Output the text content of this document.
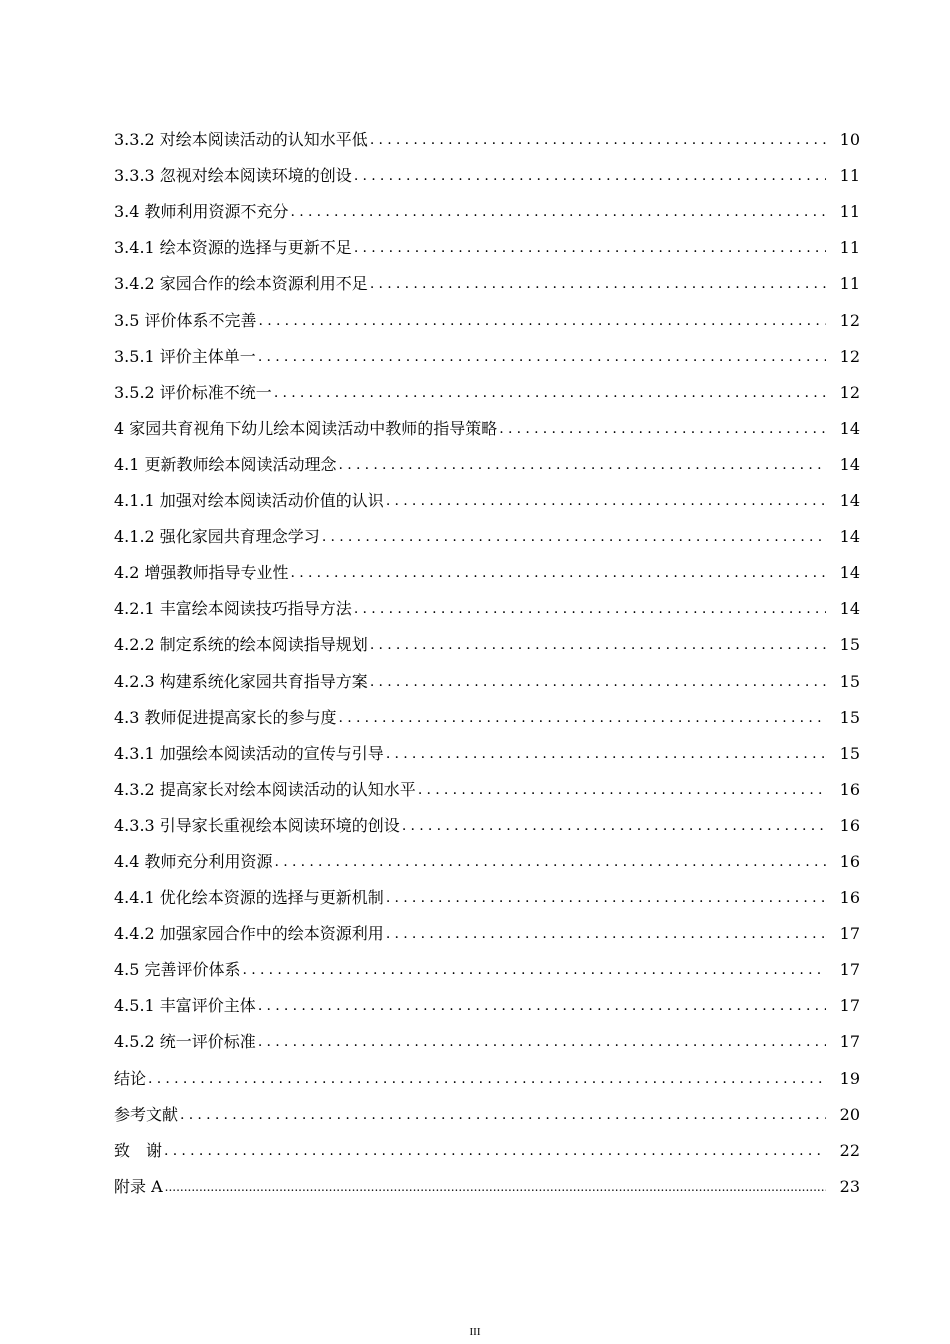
3.3.2 对绘本阅读活动的认知水平低 . . .	10
3.3.3 忽视对绘本阅读环境的创设 . . .	11
3.4 教师利用资源不充分 . . .	11
3.4.1 绘本资源的选择与更新不足 . . .	11
3.4.2 家园合作的绘本资源利用不足 . . .	11
3.5 评价体系不完善 . . .	12
3.5.1 评价主体单一 . . .	12
3.5.2 评价标准不统一 . . .	12
4 家园共育视角下幼儿绘本阅读活动中教师的指导策略 . . .	14
4.1 更新教师绘本阅读活动理念 . . .	14
4.1.1 加强对绘本阅读活动价值的认识 . . .	14
4.1.2 强化家园共育理念学习 . . .	14
4.2 增强教师指导专业性 . . .	14
4.2.1 丰富绘本阅读技巧指导方法 . . .	14
4.2.2 制定系统的绘本阅读指导规划 . . .	15
4.2.3 构建系统化家园共育指导方案 . . .	15
4.3 教师促进提高家长的参与度 . . .	15
4.3.1 加强绘本阅读活动的宣传与引导 . . .	15
4.3.2 提高家长对绘本阅读活动的认知水平 . . .	16
4.3.3 引导家长重视绘本阅读环境的创设 . . .	16
4.4 教师充分利用资源 . . .	16
4.4.1 优化绘本资源的选择与更新机制 . . .	16
4.4.2 加强家园合作中的绘本资源利用 . . .	17
4.5 完善评价体系 . . .	17
4.5.1 丰富评价主体 . . .	17
4.5.2 统一评价标准 . . .	17
结论 . . .	19
参考文献 . . .	20
致　谢 . . .	22
附录 A .....	23
III
